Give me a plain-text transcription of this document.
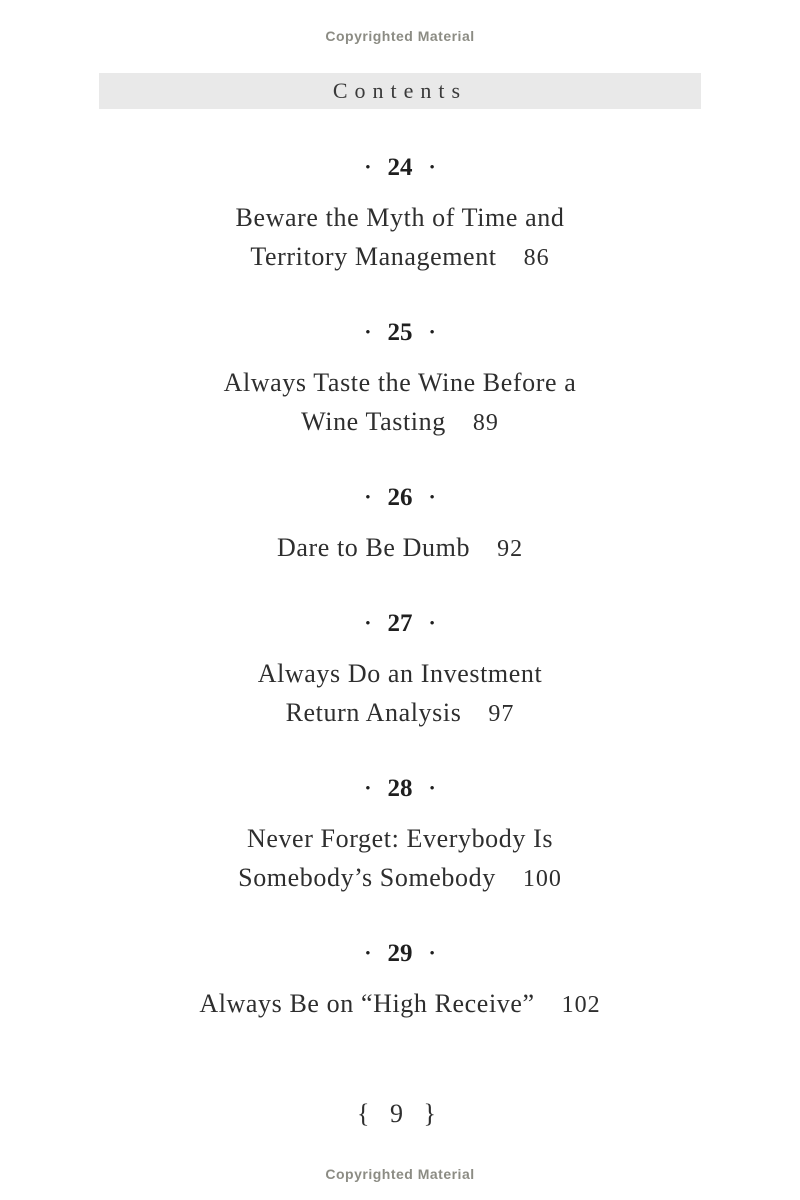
Copyrighted Material
Contents
• 24 •
Beware the Myth of Time and
Territory Management 86
• 25 •
Always Taste the Wine Before a
Wine Tasting 89
• 26 •
Dare to Be Dumb 92
• 27 •
Always Do an Investment
Return Analysis 97
• 28 •
Never Forget: Everybody Is
Somebody’s Somebody 100
• 29 •
Always Be on “High Receive” 102
{ 9 }
Copyrighted Material
